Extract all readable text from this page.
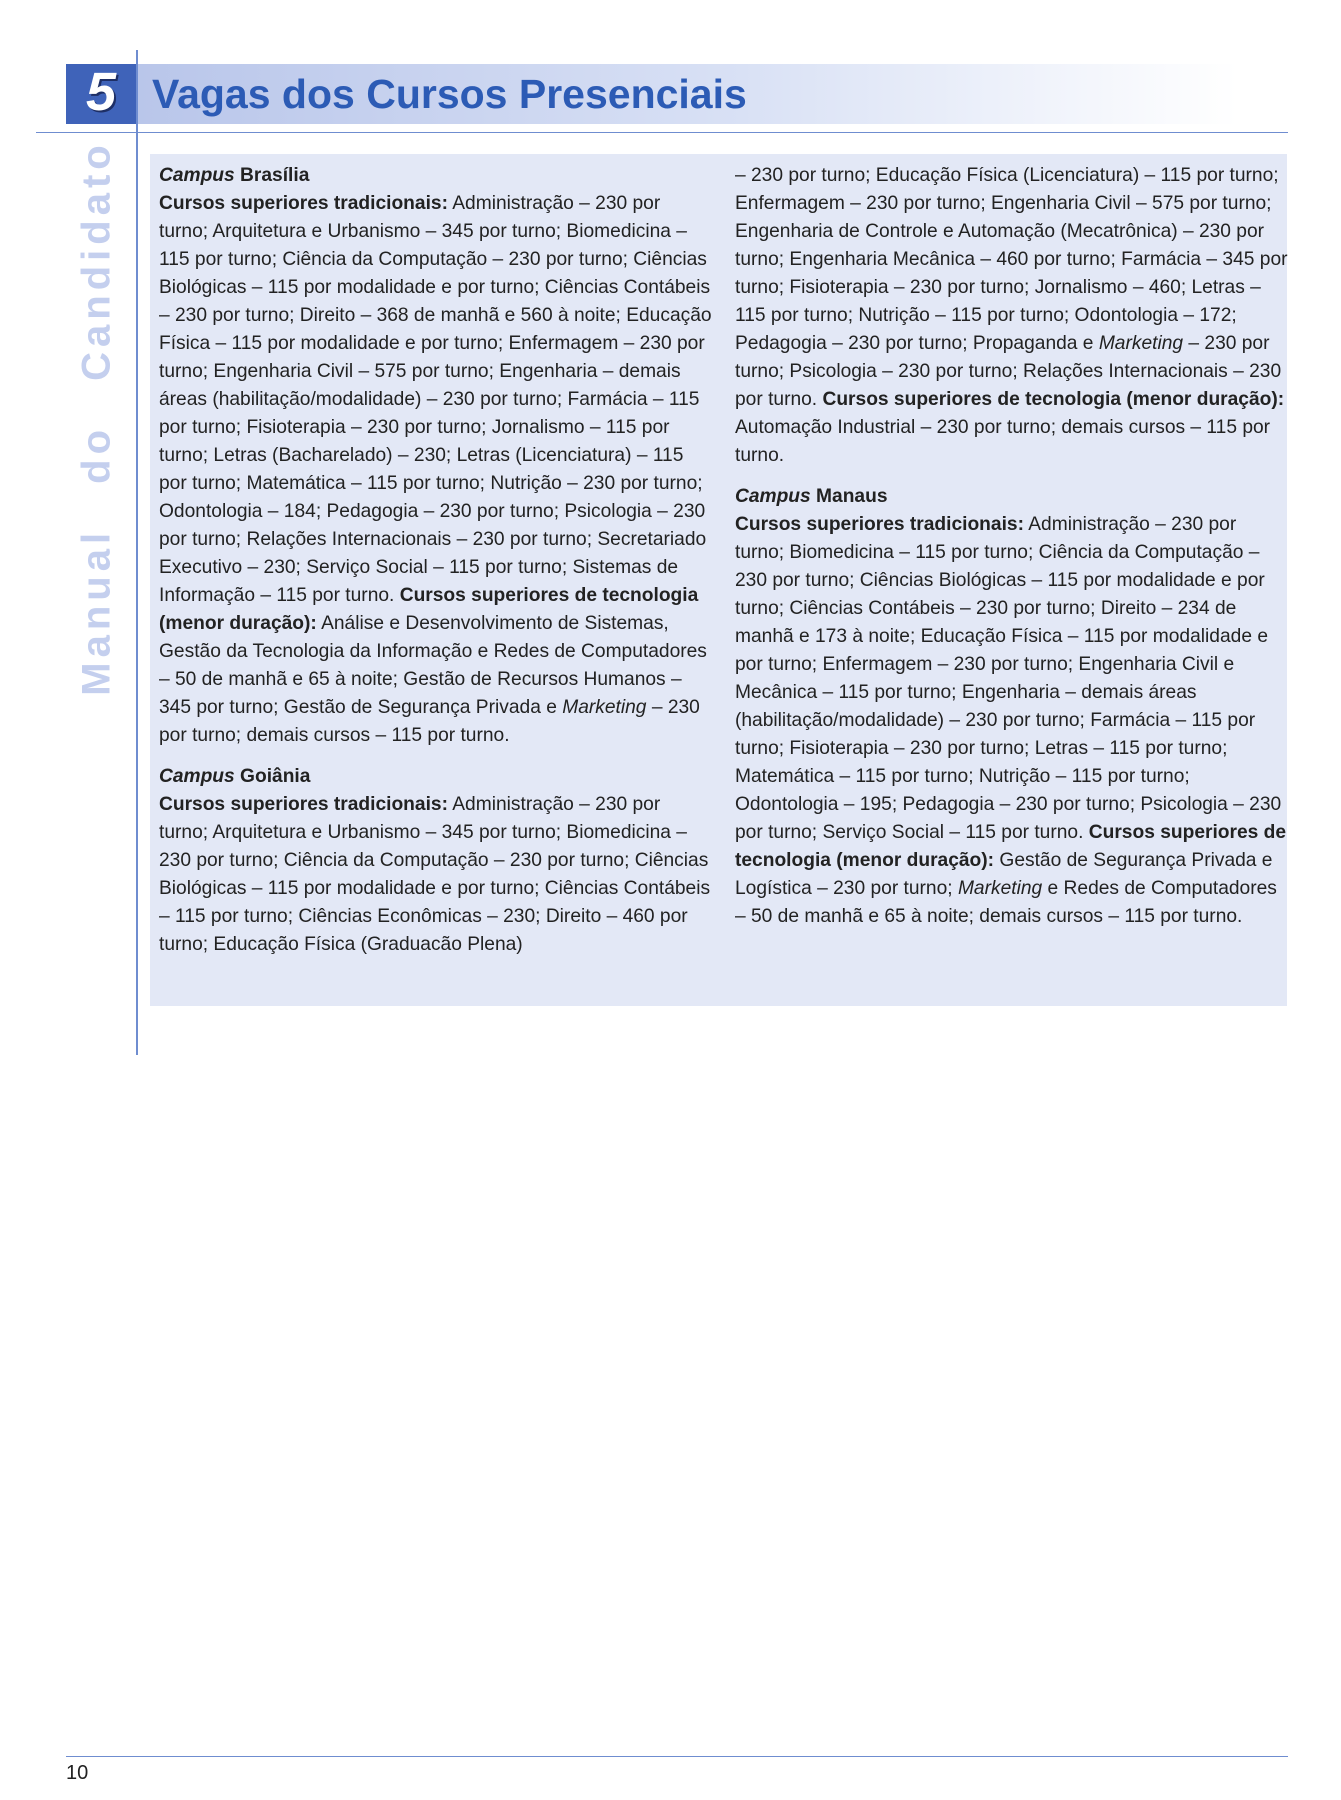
5 Vagas dos Cursos Presenciais
Manual do Candidato Campus Brasília
Cursos superiores tradicionais: Administração – 230 por turno; Arquitetura e Urbanismo – 345 por turno; Biomedicina – 115 por turno; Ciência da Computação – 230 por turno; Ciências Biológicas – 115 por modalidade e por turno; Ciências Contábeis – 230 por turno; Direito – 368 de manhã e 560 à noite; Educação Física – 115 por modalidade e por turno; Enfermagem – 230 por turno; Engenharia Civil – 575 por turno; Engenharia – demais áreas (habilitação/modalidade) – 230 por turno; Farmácia – 115 por turno; Fisioterapia – 230 por turno; Jornalismo – 115 por turno; Letras (Bacharelado) – 230; Letras (Licenciatura) – 115 por turno; Matemática – 115 por turno; Nutrição – 230 por turno; Odontologia – 184; Pedagogia – 230 por turno; Psicologia – 230 por turno; Relações Internacionais – 230 por turno; Secretariado Executivo – 230; Serviço Social – 115 por turno; Sistemas de Informação – 115 por turno. Cursos superiores de tecnologia (menor duração): Análise e Desenvolvimento de Sistemas, Gestão da Tecnologia da Informação e Redes de Computadores – 50 de manhã e 65 à noite; Gestão de Recursos Humanos – 345 por turno; Gestão de Segurança Privada e Marketing – 230 por turno; demais cursos – 115 por turno.

Campus Goiânia
Cursos superiores tradicionais: Administração – 230 por turno; Arquitetura e Urbanismo – 345 por turno; Biomedicina – 230 por turno; Ciência da Computação – 230 por turno; Ciências Biológicas – 115 por modalidade e por turno; Ciências Contábeis – 115 por turno; Ciências Econômicas – 230; Direito – 460 por turno; Educação Física (Graduacão Plena)

– 230 por turno; Educação Física (Licenciatura) – 115 por turno; Enfermagem – 230 por turno; Engenharia Civil – 575 por turno; Engenharia de Controle e Automação (Mecatrônica) – 230 por turno; Engenharia Mecânica – 460 por turno; Farmácia – 345 por turno; Fisioterapia – 230 por turno; Jornalismo – 460; Letras – 115 por turno; Nutrição – 115 por turno; Odontologia – 172; Pedagogia – 230 por turno; Propaganda e Marketing – 230 por turno; Psicologia – 230 por turno; Relações Internacionais – 230 por turno. Cursos superiores de tecnologia (menor duração): Automação Industrial – 230 por turno; demais cursos – 115 por turno.

Campus Manaus
Cursos superiores tradicionais: Administração – 230 por turno; Biomedicina – 115 por turno; Ciência da Computação – 230 por turno; Ciências Biológicas – 115 por modalidade e por turno; Ciências Contábeis – 230 por turno; Direito – 234 de manhã e 173 à noite; Educação Física – 115 por modalidade e por turno; Enfermagem – 230 por turno; Engenharia Civil e Mecânica – 115 por turno; Engenharia – demais áreas (habilitação/modalidade) – 230 por turno; Farmácia – 115 por turno; Fisioterapia – 230 por turno; Letras – 115 por turno; Matemática – 115 por turno; Nutrição – 115 por turno; Odontologia – 195; Pedagogia – 230 por turno; Psicologia – 230 por turno; Serviço Social – 115 por turno. Cursos superiores de tecnologia (menor duração): Gestão de Segurança Privada e Logística – 230 por turno; Marketing e Redes de Computadores – 50 de manhã e 65 à noite; demais cursos – 115 por turno.

10
